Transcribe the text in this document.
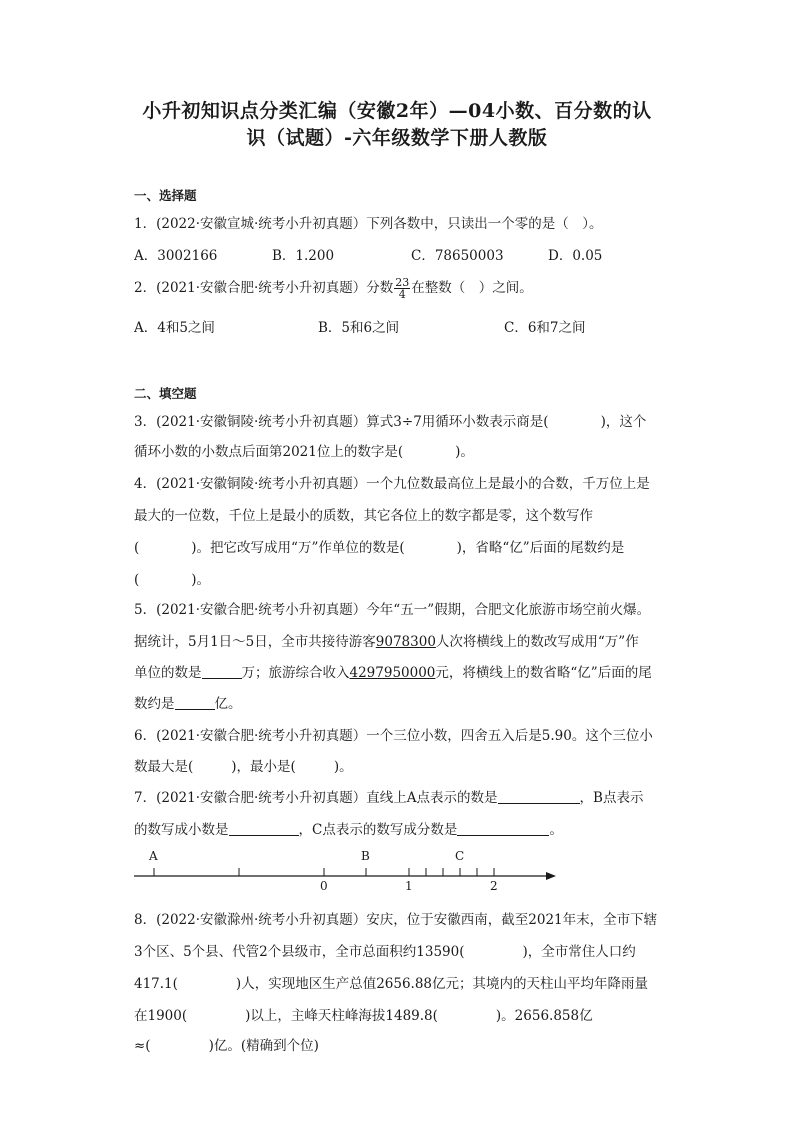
小升初知识点分类汇编（安徽2年）—04小数、百分数的认
识（试题）-六年级数学下册人教版
一、选择题
1．(2022·安徽宣城·统考小升初真题）下列各数中，只读出一个零的是（　）。
A．3002166	B．1.200	C．78650003	D．0.05
2．(2021·安徽合肥·统考小升初真题）分数 $\frac{23}{4}$ 在整数（　）之间。
A．4和5之间	B．5和6之间	C．6和7之间
二、填空题
3．(2021·安徽铜陵·统考小升初真题）算式3÷7用循环小数表示商是(	)，这个
循环小数的小数点后面第2021位上的数字是(	)。
4．(2021·安徽铜陵·统考小升初真题）一个九位数最高位上是最小的合数，千万位上是
最大的一位数，千位上是最小的质数，其它各位上的数字都是零，这个数写作
(	)。把它改写成用“万”作单位的数是(	)，省略“亿”后面的尾数约是
(	)。
5．(2021·安徽合肥·统考小升初真题）今年“五一”假期，合肥文化旅游市场空前火爆。
据统计，5月1日～5日，全市共接待游客9078300人次将横线上的数改写成用“万”作
单位的数是	万；旅游综合收入4297950000元，将横线上的数省略“亿”后面的尾
数约是	亿。
6．(2021·安徽合肥·统考小升初真题）一个三位小数，四舍五入后是5.90。这个三位小
数最大是(	)，最小是(	)。
7．(2021·安徽合肥·统考小升初真题）直线上A点表示的数是	，B点表示
的数写成小数是	，C点表示的数写成分数是	。
A	B	C
0	1	2
8．(2022·安徽滁州·统考小升初真题）安庆，位于安徽西南，截至2021年末，全市下辖
3个区、5个县、代管2个县级市，全市总面积约13590(	)，全市常住人口约
417.1(	)人，实现地区生产总值2656.88亿元；其境内的天柱山平均年降雨量
在1900(	)以上，主峰天柱峰海拔1489.8(	)。2656.858亿
≈(	)亿。(精确到个位)
